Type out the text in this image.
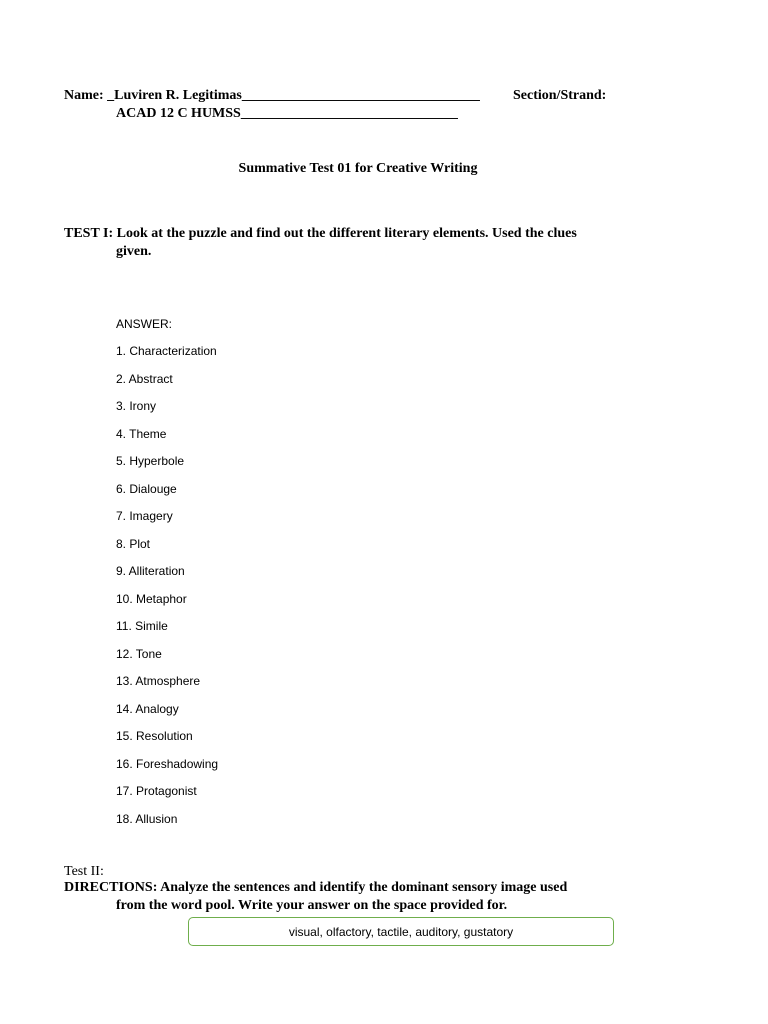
Name: _Luviren R. Legitimas__________________________________ Section/Strand:
ACAD 12 C HUMSS_______________________________
Summative Test 01 for Creative Writing
TEST I: Look at the puzzle and find out the different literary elements. Used the clues
given.
ANSWER:
1. Characterization
2. Abstract
3. Irony
4. Theme
5. Hyperbole
6. Dialouge
7. Imagery
8. Plot
9. Alliteration
10. Metaphor
11. Simile
12. Tone
13. Atmosphere
14. Analogy
15. Resolution
16. Foreshadowing
17. Protagonist
18. Allusion
Test II:
DIRECTIONS: Analyze the sentences and identify the dominant sensory image used
from the word pool. Write your answer on the space provided for.
visual, olfactory, tactile, auditory, gustatory
